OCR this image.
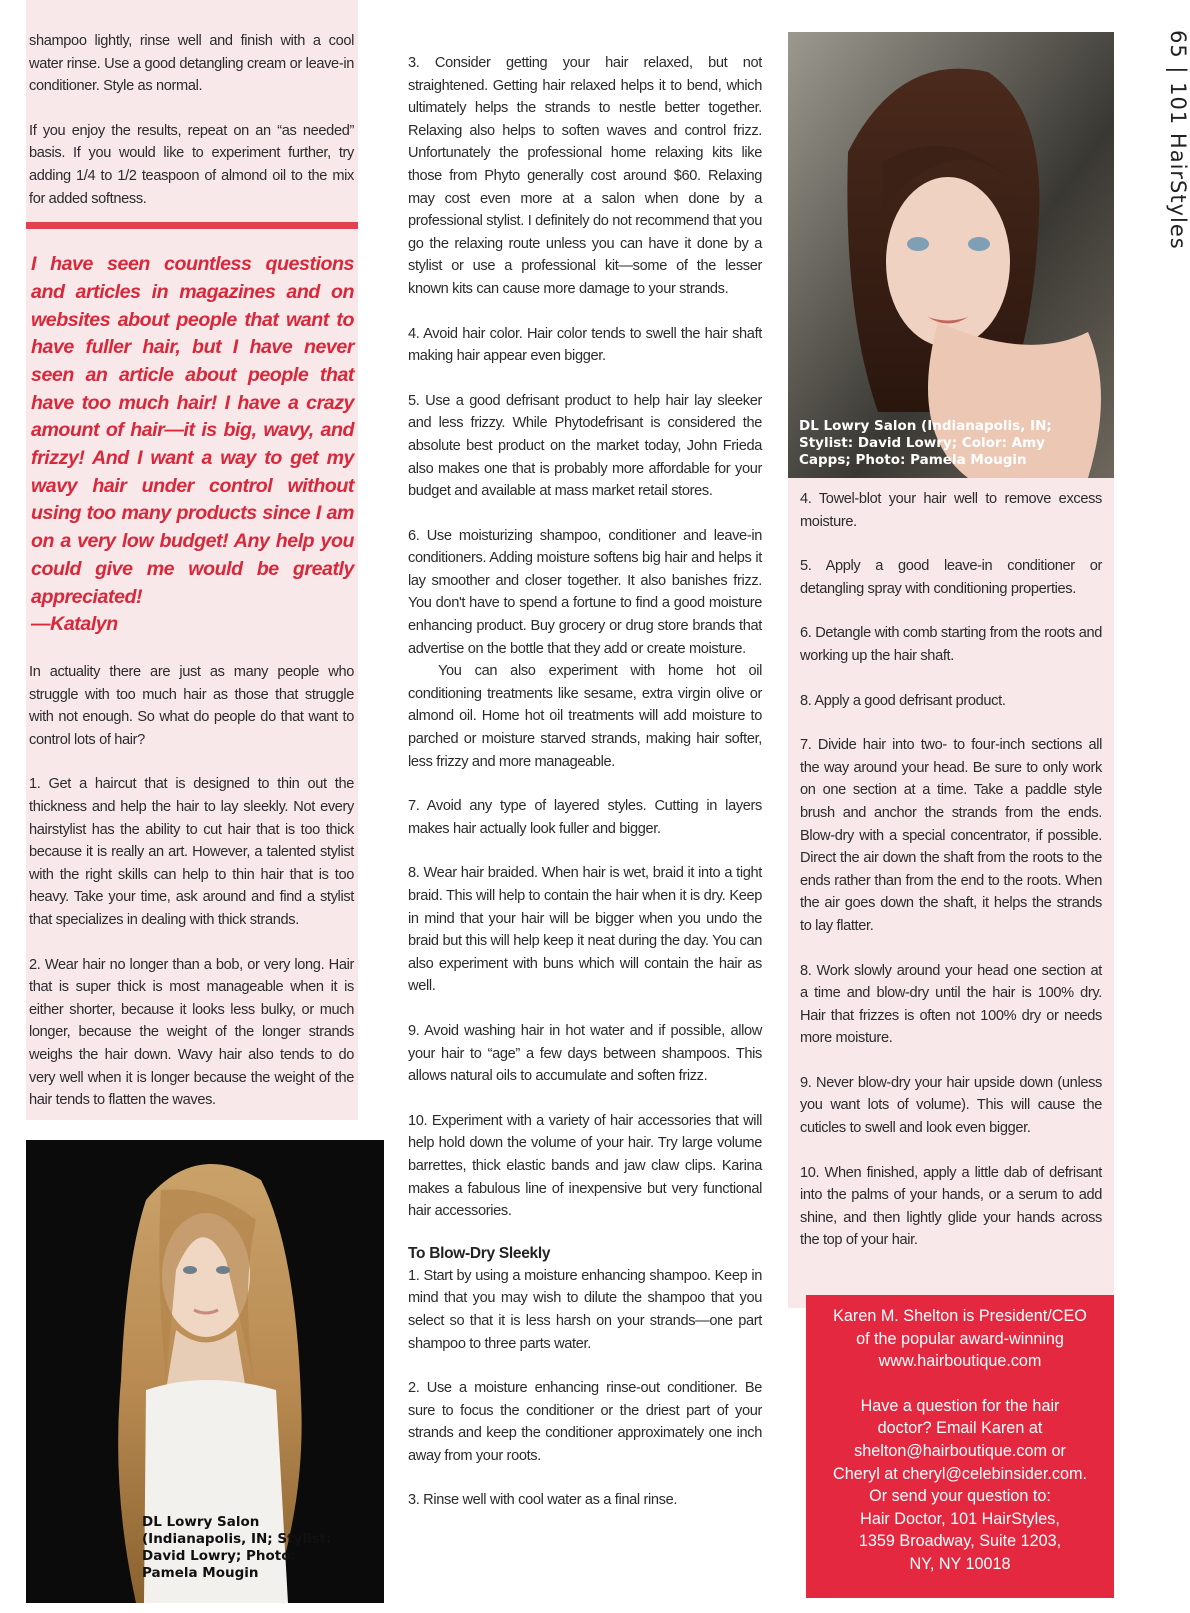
65 | 101 HairStyles

shampoo lightly, rinse well and finish with a cool water rinse. Use a good detangling cream or leave-in conditioner. Style as normal.

If you enjoy the results, repeat on an “as needed” basis. If you would like to experiment further, try adding 1/4 to 1/2 teaspoon of almond oil to the mix for added softness.

I have seen countless questions and articles in magazines and on websites about people that want to have fuller hair, but I have never seen an article about people that have too much hair! I have a crazy amount of hair—it is big, wavy, and frizzy! And I want a way to get my wavy hair under control without using too many products since I am on a very low budget! Any help you could give me would be greatly appreciated!
—Katalyn

In actuality there are just as many people who struggle with too much hair as those that struggle with not enough. So what do people do that want to control lots of hair?

1. Get a haircut that is designed to thin out the thickness and help the hair to lay sleekly. Not every hairstylist has the ability to cut hair that is too thick because it is really an art. However, a talented stylist with the right skills can help to thin hair that is too heavy. Take your time, ask around and find a stylist that specializes in dealing with thick strands.

2. Wear hair no longer than a bob, or very long. Hair that is super thick is most manageable when it is either shorter, because it looks less bulky, or much longer, because the weight of the longer strands weighs the hair down. Wavy hair also tends to do very well when it is longer because the weight of the hair tends to flatten the waves.

DL Lowry Salon (Indianapolis, IN; Stylist: David Lowry; Photo: Pamela Mougin

3. Consider getting your hair relaxed, but not straightened. Getting hair relaxed helps it to bend, which ultimately helps the strands to nestle better together. Relaxing also helps to soften waves and control frizz. Unfortunately the professional home relaxing kits like those from Phyto generally cost around $60. Relaxing may cost even more at a salon when done by a professional stylist. I definitely do not recommend that you go the relaxing route unless you can have it done by a stylist or use a professional kit—some of the lesser known kits can cause more damage to your strands.

4. Avoid hair color. Hair color tends to swell the hair shaft making hair appear even bigger.

5. Use a good defrisant product to help hair lay sleeker and less frizzy. While Phytodefrisant is considered the absolute best product on the market today, John Frieda also makes one that is probably more affordable for your budget and available at mass market retail stores.

6. Use moisturizing shampoo, conditioner and leave-in conditioners. Adding moisture softens big hair and helps it lay smoother and closer together. It also banishes frizz. You don't have to spend a fortune to find a good moisture enhancing product. Buy grocery or drug store brands that advertise on the bottle that they add or create moisture.

You can also experiment with home hot oil conditioning treatments like sesame, extra virgin olive or almond oil. Home hot oil treatments will add moisture to parched or moisture starved strands, making hair softer, less frizzy and more manageable.

7. Avoid any type of layered styles. Cutting in layers makes hair actually look fuller and bigger.

8. Wear hair braided. When hair is wet, braid it into a tight braid. This will help to contain the hair when it is dry. Keep in mind that your hair will be bigger when you undo the braid but this will help keep it neat during the day. You can also experiment with buns which will contain the hair as well.

9. Avoid washing hair in hot water and if possible, allow your hair to “age” a few days between shampoos. This allows natural oils to accumulate and soften frizz.

10. Experiment with a variety of hair accessories that will help hold down the volume of your hair. Try large volume barrettes, thick elastic bands and jaw claw clips. Karina makes a fabulous line of inexpensive but very functional hair accessories.

To Blow-Dry Sleekly

1. Start by using a moisture enhancing shampoo. Keep in mind that you may wish to dilute the shampoo that you select so that it is less harsh on your strands—one part shampoo to three parts water.

2. Use a moisture enhancing rinse-out conditioner. Be sure to focus the conditioner or the driest part of your strands and keep the conditioner approximately one inch away from your roots.

3. Rinse well with cool water as a final rinse.

DL Lowry Salon (Indianapolis, IN; Stylist: David Lowry; Color: Amy Capps; Photo: Pamela Mougin

4. Towel-blot your hair well to remove excess moisture.

5. Apply a good leave-in conditioner or detangling spray with conditioning properties.

6. Detangle with comb starting from the roots and working up the hair shaft.

8. Apply a good defrisant product.

7. Divide hair into two- to four-inch sections all the way around your head. Be sure to only work on one section at a time. Take a paddle style brush and anchor the strands from the ends. Blow-dry with a special concentrator, if possible. Direct the air down the shaft from the roots to the ends rather than from the end to the roots. When the air goes down the shaft, it helps the strands to lay flatter.

8. Work slowly around your head one section at a time and blow-dry until the hair is 100% dry. Hair that frizzes is often not 100% dry or needs more moisture.

9. Never blow-dry your hair upside down (unless you want lots of volume). This will cause the cuticles to swell and look even bigger.

10. When finished, apply a little dab of defrisant into the palms of your hands, or a serum to add shine, and then lightly glide your hands across the top of your hair.

Karen M. Shelton is President/CEO
of the popular award-winning
www.hairboutique.com
Have a question for the hair
doctor? Email Karen at
shelton@hairboutique.com or
Cheryl at cheryl@celebinsider.com.
Or send your question to:
Hair Doctor, 101 HairStyles,
1359 Broadway, Suite 1203,
NY, NY 10018
